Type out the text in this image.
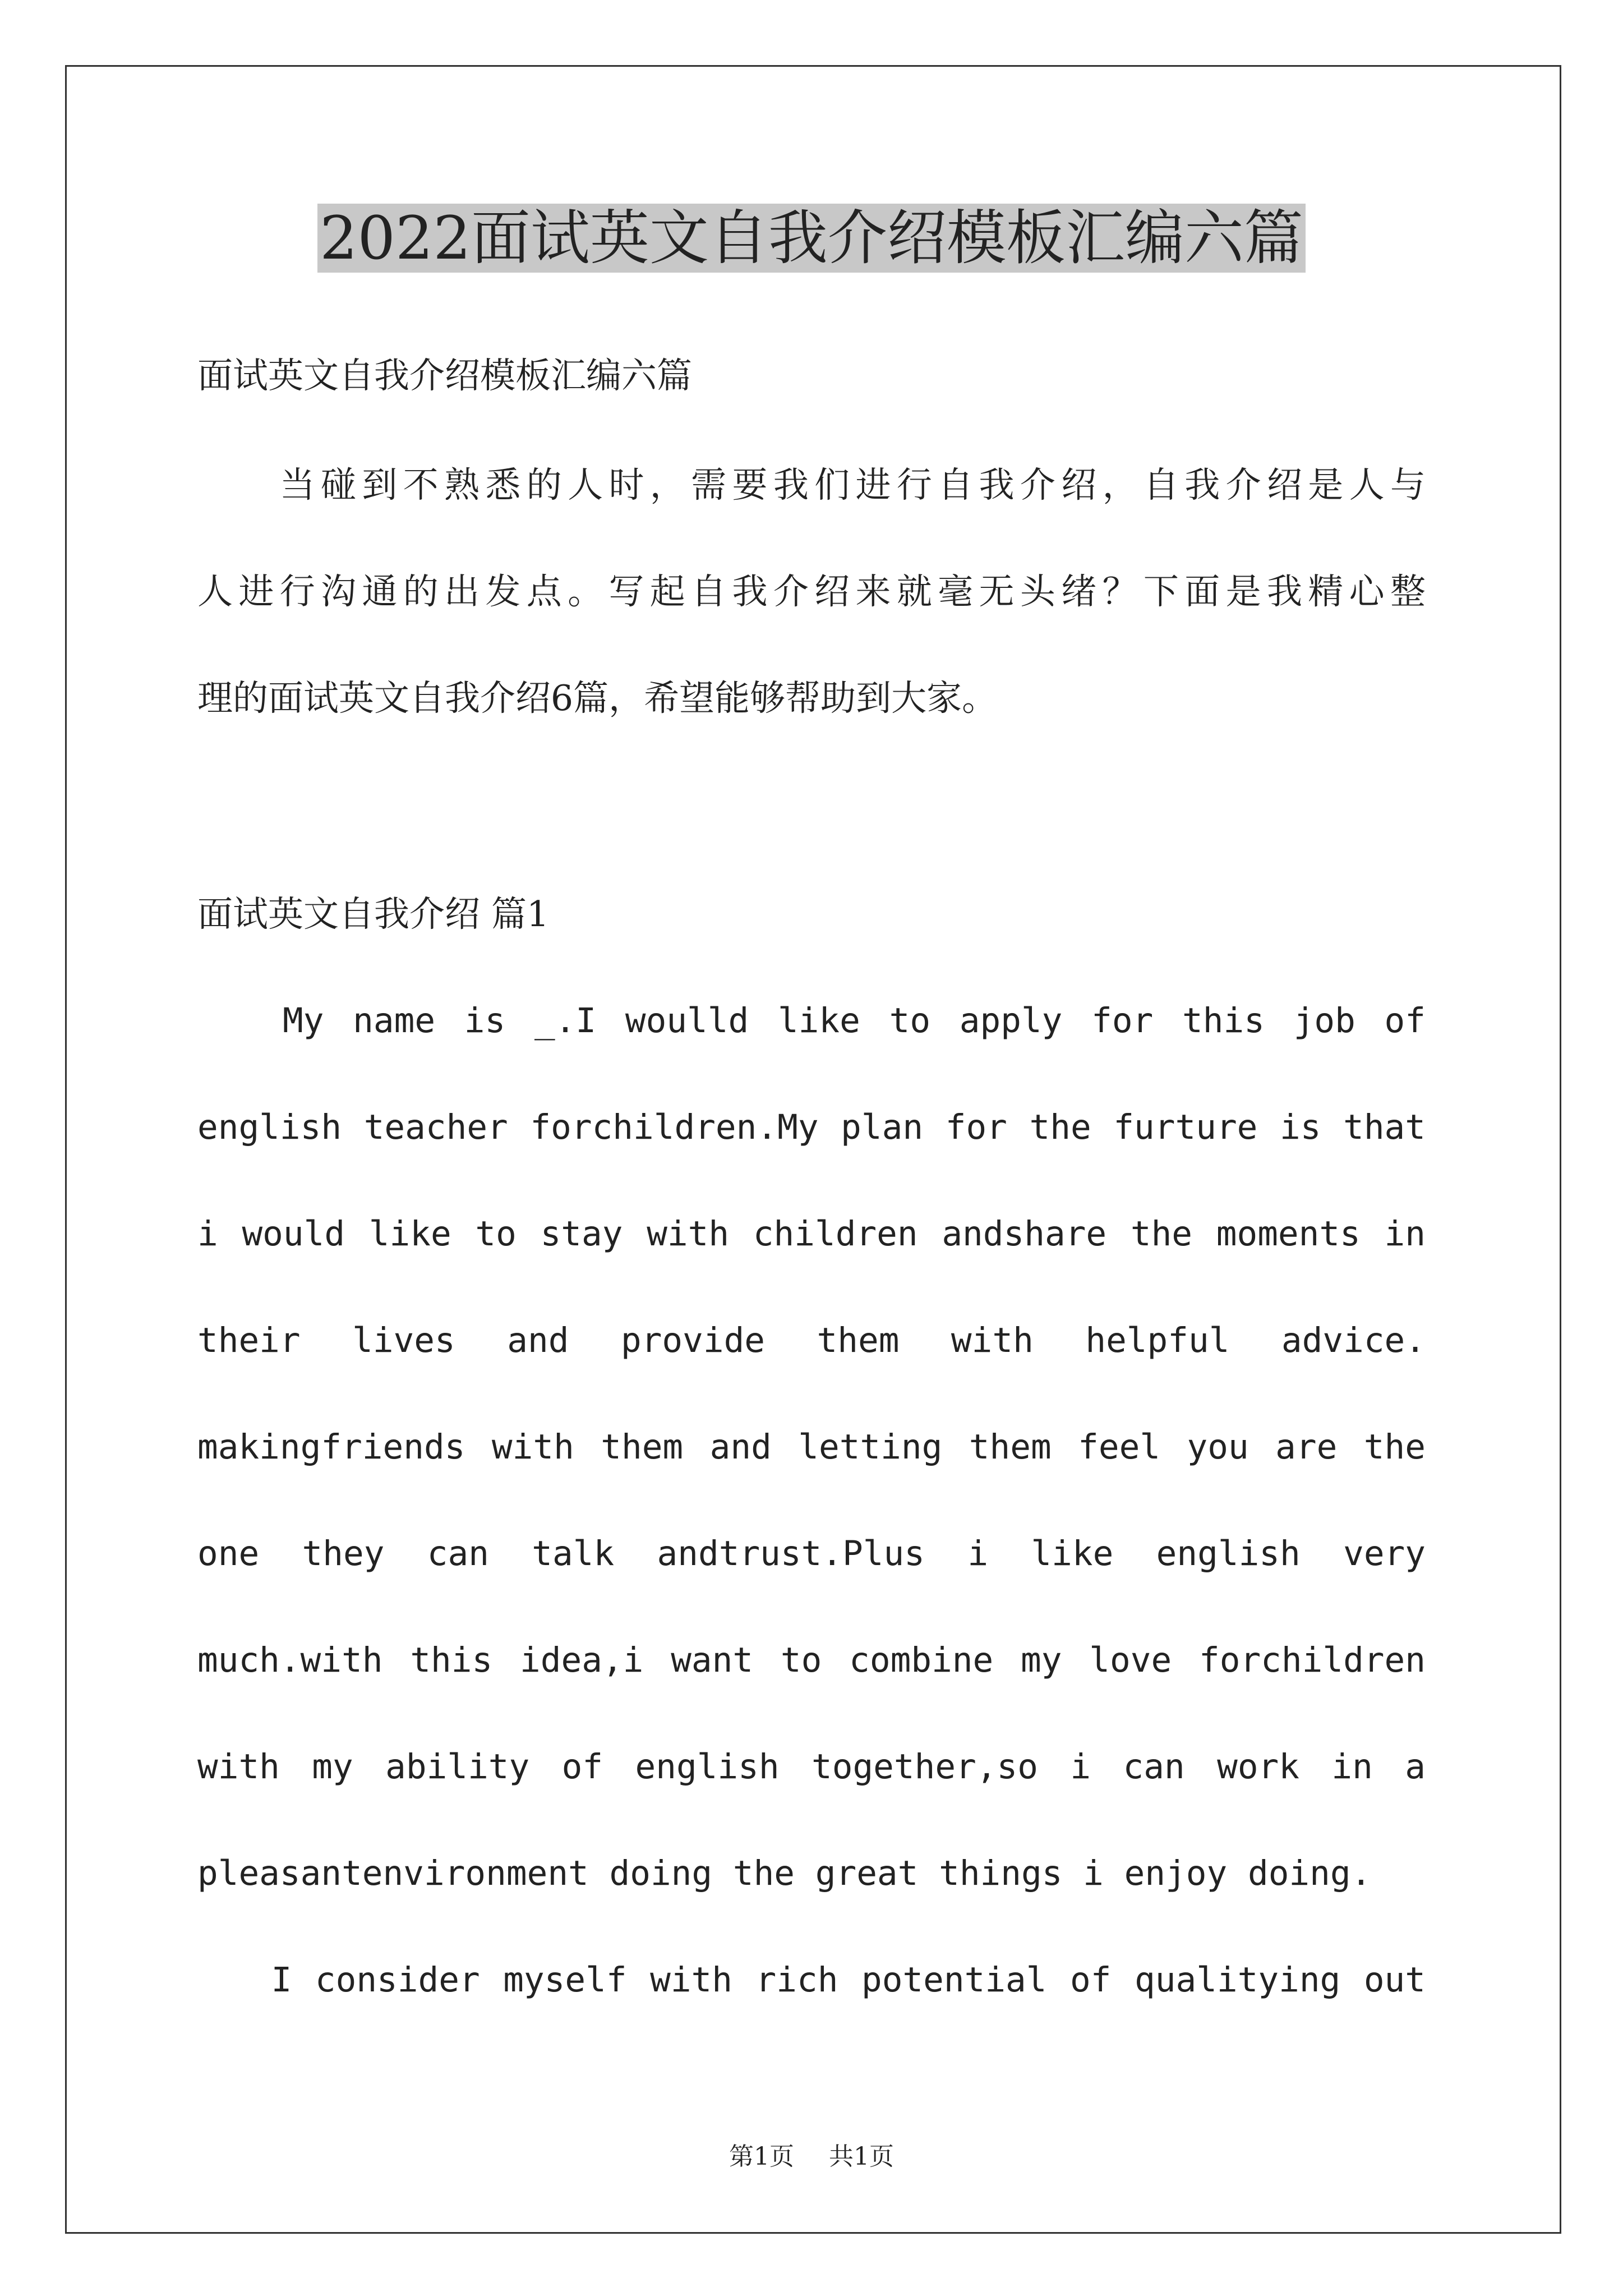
2022面试英文自我介绍模板汇编六篇
面试英文自我介绍模板汇编六篇
　　当碰到不熟悉的人时，需要我们进行自我介绍，自我介绍是人与
人进行沟通的出发点。写起自我介绍来就毫无头绪？下面是我精心整
理的面试英文自我介绍6篇，希望能够帮助到大家。
面试英文自我介绍 篇1
　　My name is _.I woulld like to apply for this job of
english teacher forchildren.My plan for the furture is that
i would like to stay with children andshare the moments in
their lives and provide them with helpful advice.
makingfriends with them and letting them feel you are the
one they can talk andtrust.Plus i like english very
much.with this idea,i want to combine my love forchildren
with my ability of english together,so i can work in a
pleasantenvironment doing the great things i enjoy doing.
　　I consider myself with rich potential of qualitying out
第1页 共1页
